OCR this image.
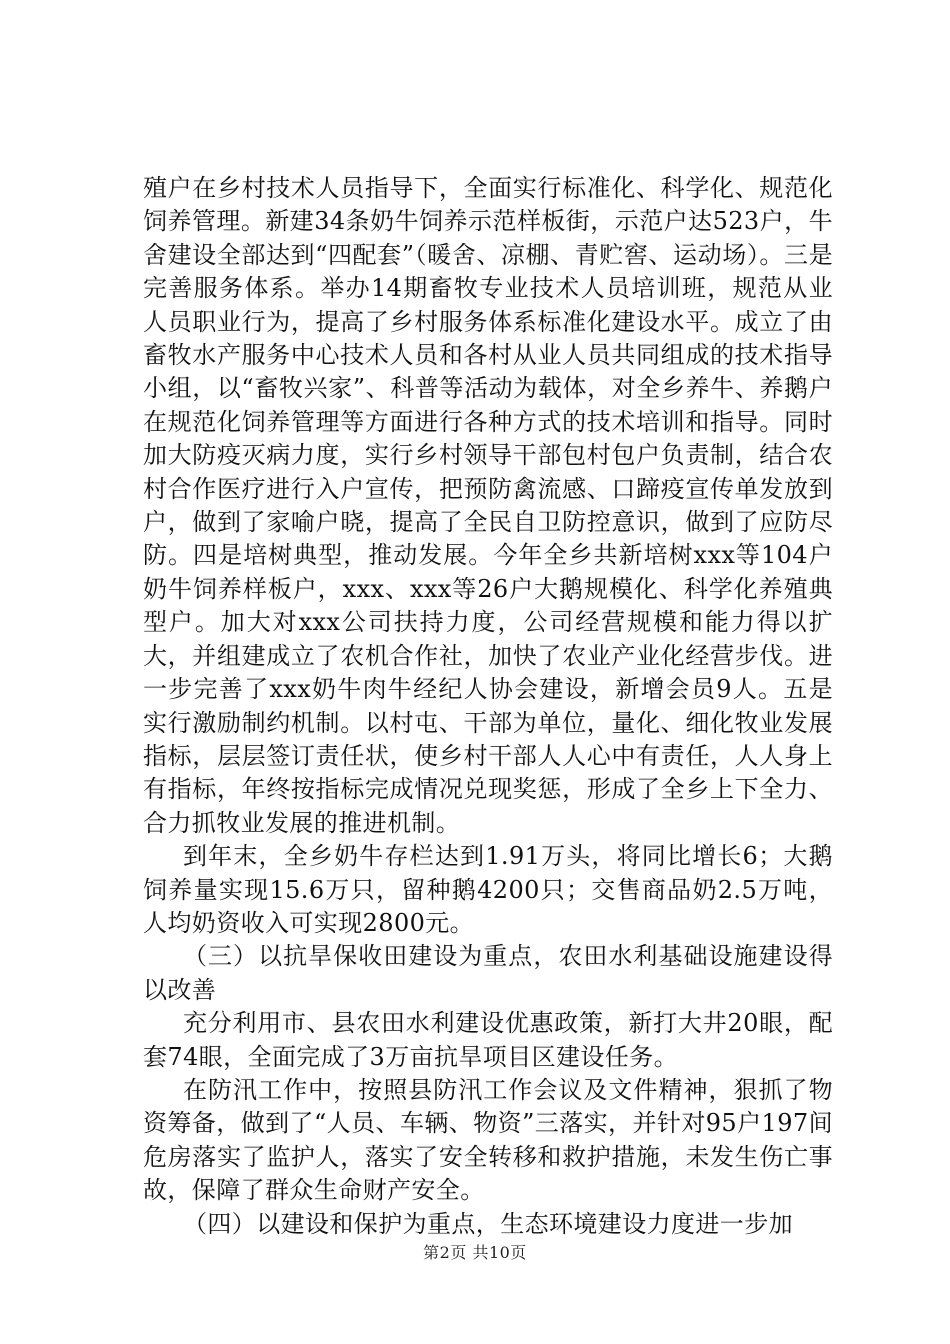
殖户在乡村技术人员指导下，全面实行标准化、科学化、规范化饲养管理。新建34条奶牛饲养示范样板街，示范户达523户，牛舍建设全部达到“四配套”（暖舍、凉棚、青贮窖、运动场）。三是完善服务体系。举办14期畜牧专业技术人员培训班，规范从业人员职业行为，提高了乡村服务体系标准化建设水平。成立了由畜牧水产服务中心技术人员和各村从业人员共同组成的技术指导小组，以“畜牧兴家”、科普等活动为载体，对全乡养牛、养鹅户在规范化饲养管理等方面进行各种方式的技术培训和指导。同时加大防疫灭病力度，实行乡村领导干部包村包户负责制，结合农村合作医疗进行入户宣传，把预防禽流感、口蹄疫宣传单发放到户，做到了家喻户晓，提高了全民自卫防控意识，做到了应防尽防。四是培树典型，推动发展。今年全乡共新培树xxx等104户奶牛饲养样板户，xxx、xxx等26户大鹅规模化、科学化养殖典型户。加大对xxx公司扶持力度，公司经营规模和能力得以扩大，并组建成立了农机合作社，加快了农业产业化经营步伐。进一步完善了xxx奶牛肉牛经纪人协会建设，新增会员9人。五是实行激励制约机制。以村屯、干部为单位，量化、细化牧业发展指标，层层签订责任状，使乡村干部人人心中有责任，人人身上有指标，年终按指标完成情况兑现奖惩，形成了全乡上下全力、合力抓牧业发展的推进机制。

到年末，全乡奶牛存栏达到1.91万头，将同比增长6；大鹅饲养量实现15.6万只，留种鹅4200只；交售商品奶2.5万吨，人均奶资收入可实现2800元。

（三）以抗旱保收田建设为重点，农田水利基础设施建设得以改善

充分利用市、县农田水利建设优惠政策，新打大井20眼，配套74眼，全面完成了3万亩抗旱项目区建设任务。

在防汛工作中，按照县防汛工作会议及文件精神，狠抓了物资筹备，做到了“人员、车辆、物资”三落实，并针对95户197间危房落实了监护人，落实了安全转移和救护措施，未发生伤亡事故，保障了群众生命财产安全。

（四）以建设和保护为重点，生态环境建设力度进一步加

第2页 共10页
